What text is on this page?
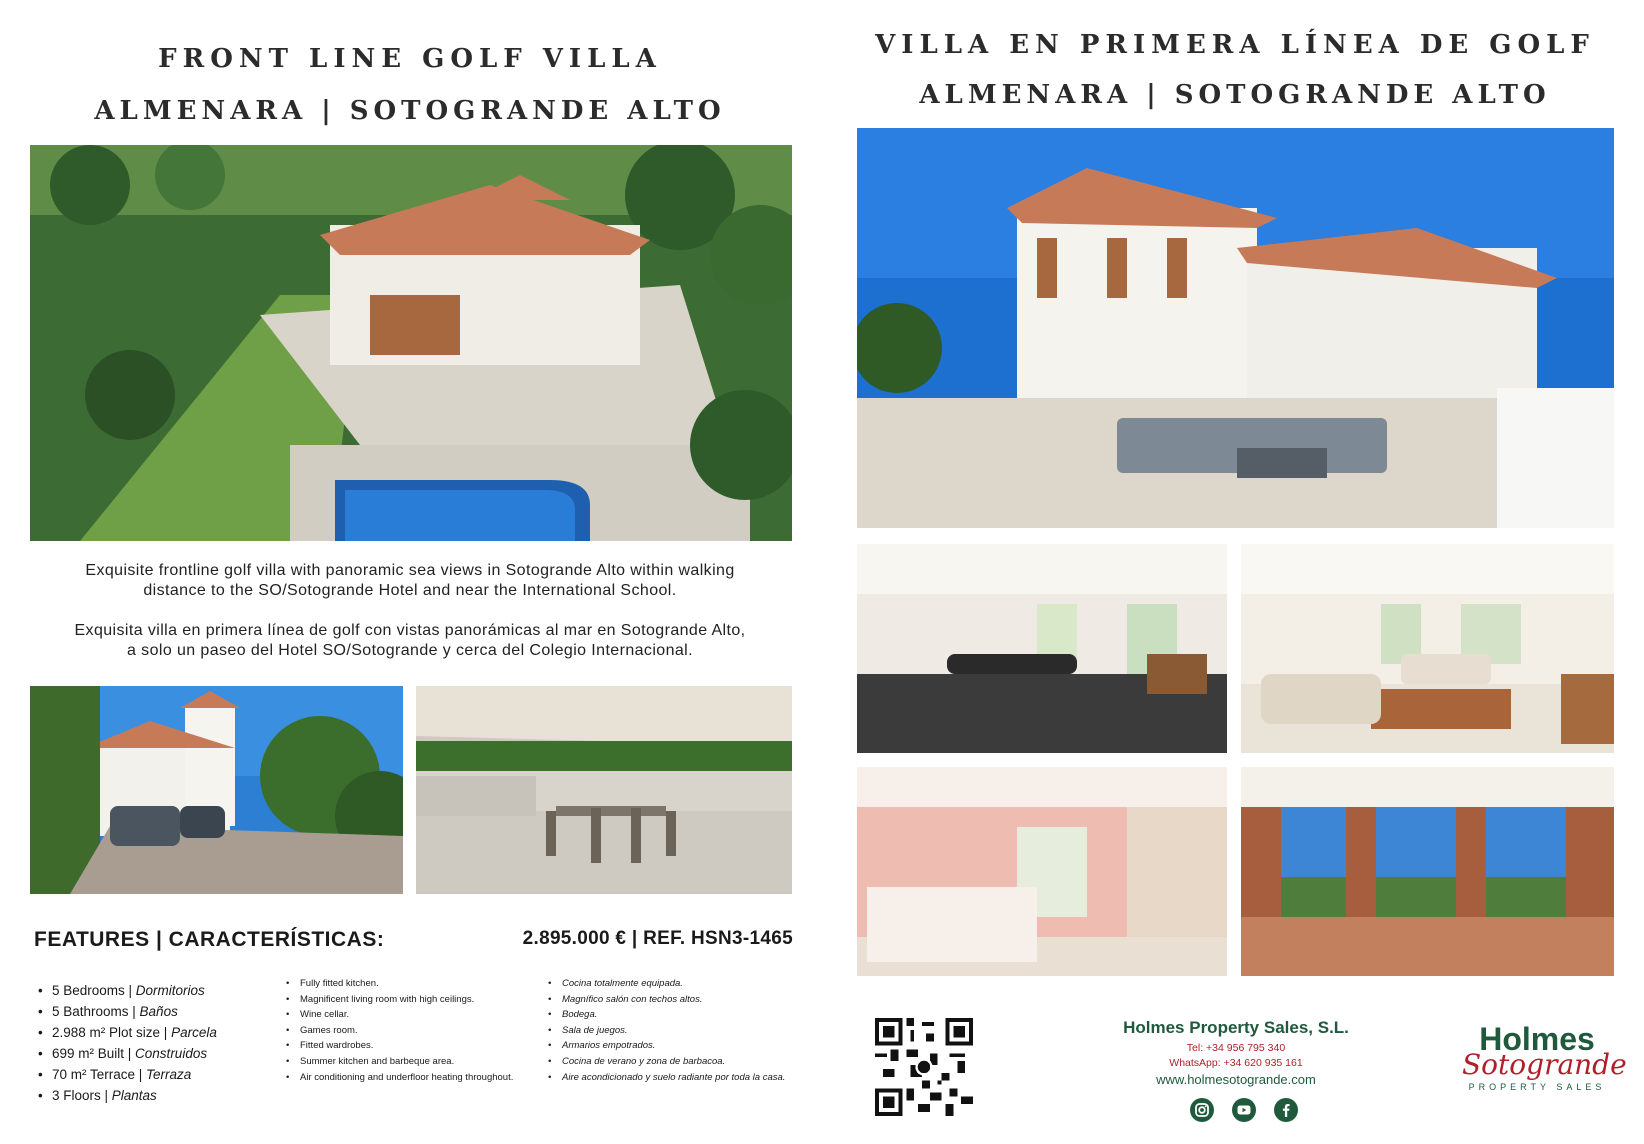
FRONT LINE GOLF VILLA
ALMENARA | SOTOGRANDE ALTO
VILLA EN PRIMERA LÍNEA DE GOLF
ALMENARA | SOTOGRANDE ALTO
Exquisite frontline golf villa with panoramic sea views in Sotogrande Alto within walking
distance to the SO/Sotogrande Hotel and near the International School.
Exquisita villa en primera línea de golf con vistas panorámicas al mar en Sotogrande Alto,
a solo un paseo del Hotel SO/Sotogrande y cerca del Colegio Internacional.
FEATURES | CARACTERÍSTICAS:	2.895.000 € | REF. HSN3-1465
• 5 Bedrooms | Dormitorios
• 5 Bathrooms | Baños
• 2.988 m² Plot size | Parcela
• 699 m² Built | Construidos
• 70 m² Terrace | Terraza
• 3 Floors | Plantas
• Fully fitted kitchen.
• Magnificent living room with high ceilings.
• Wine cellar.
• Games room.
• Fitted wardrobes.
• Summer kitchen and barbeque area.
• Air conditioning and underfloor heating throughout.
• Cocina totalmente equipada.
• Magnífico salón con techos altos.
• Bodega.
• Sala de juegos.
• Armarios empotrados.
• Cocina de verano y zona de barbacoa.
• Aire acondicionado y suelo radiante por toda la casa.
Holmes Property Sales, S.L.
Tel: +34 956 795 340
WhatsApp: +34 620 935 161
www.holmesotogrande.com
Holmes
Sotogrande
PROPERTY SALES
